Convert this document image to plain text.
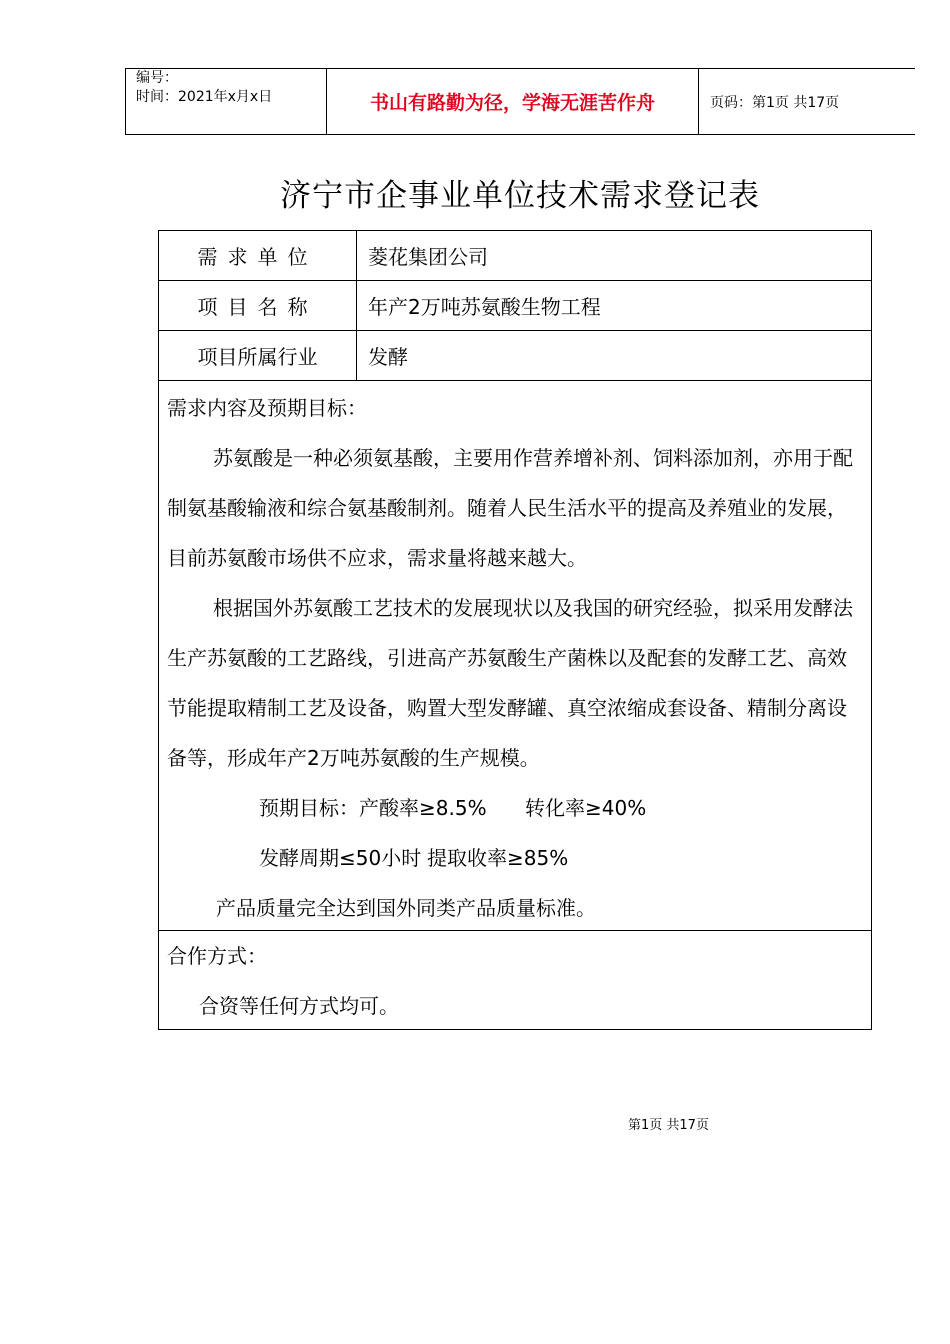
编号：
时间：2021年x月x日	书山有路勤为径，学海无涯苦作舟	页码：第1页 共17页
济宁市企事业单位技术需求登记表
需求单位	菱花集团公司
项目名称	年产2万吨苏氨酸生物工程
项目所属行业	发酵

需求内容及预期目标：

苏氨酸是一种必须氨基酸，主要用作营养增补剂、饲料添加剂，亦用于配制氨基酸输液和综合氨基酸制剂。随着人民生活水平的提高及养殖业的发展，目前苏氨酸市场供不应求，需求量将越来越大。

根据国外苏氨酸工艺技术的发展现状以及我国的研究经验，拟采用发酵法生产苏氨酸的工艺路线，引进高产苏氨酸生产菌株以及配套的发酵工艺、高效节能提取精制工艺及设备，购置大型发酵罐、真空浓缩成套设备、精制分离设备等，形成年产2万吨苏氨酸的生产规模。

预期目标：产酸率≥8.5% 转化率≥40%

发酵周期≤50小时 提取收率≥85%

产品质量完全达到国外同类产品质量标准。

合作方式：

合资等任何方式均可。

第1页 共17页
